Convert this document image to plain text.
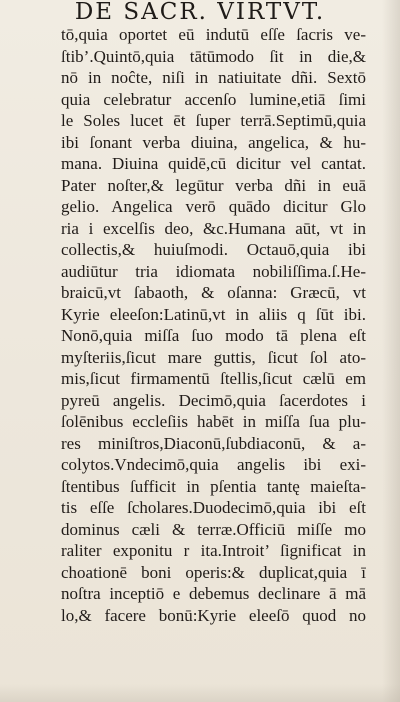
DE SACR. VIRTVT.
tō,quia oportet eū indutū eſſe ſacris ve-
ſtib’.Quintō,quia tātūmodo ſit in die,&
nō in noĉte, niſi in natiuitate dñi. Sextō
quia celebratur accenſo lumine,etiā ſimi
le Soles lucet ēt ſuper terrā.Septimū,quia
ibi ſonant verba diuina, angelica, & hu-
mana. Diuina quidē,cū dicitur vel cantat.
Pater noſter,& legūtur verba dñi in euā
gelio. Angelica verō quādo dicitur Glo
ria i excelſis deo, &c.Humana aūt, vt in
collectis,& huiuſmodi. Octauō,quia ibi
audiūtur tria idiomata nobiliſſima.ſ.He-
braicū,vt ſabaoth, & oſanna: Græcū, vt
Kyrie eleeſon:Latinū,vt in aliis q ſūt ibi.
Nonō,quia miſſa ſuo modo tā plena eſt
myſteriis,ſicut mare guttis, ſicut ſol ato-
mis,ſicut firmamentū ſtellis,ſicut cælū em
pyreū angelis. Decimō,quia ſacerdotes i
ſolēnibus eccleſiis habēt in miſſa ſua plu-
res miniſtros,Diaconū,ſubdiaconū, & a-
colytos.Vndecimō,quia angelis ibi exi-
ſtentibus ſufficit in pſentia tantę maieſta-
tis eſſe ſcholares.Duodecimō,quia ibi eſt
dominus cæli & terræ.Officiū miſſe mo
raliter exponitu r ita.Introit’ ſignificat in
choationē boni operis:& duplicat,quia ī
noſtra inceptiō e debemus declinare ā mā
lo,& facere bonū:Kyrie eleeſō quod no
